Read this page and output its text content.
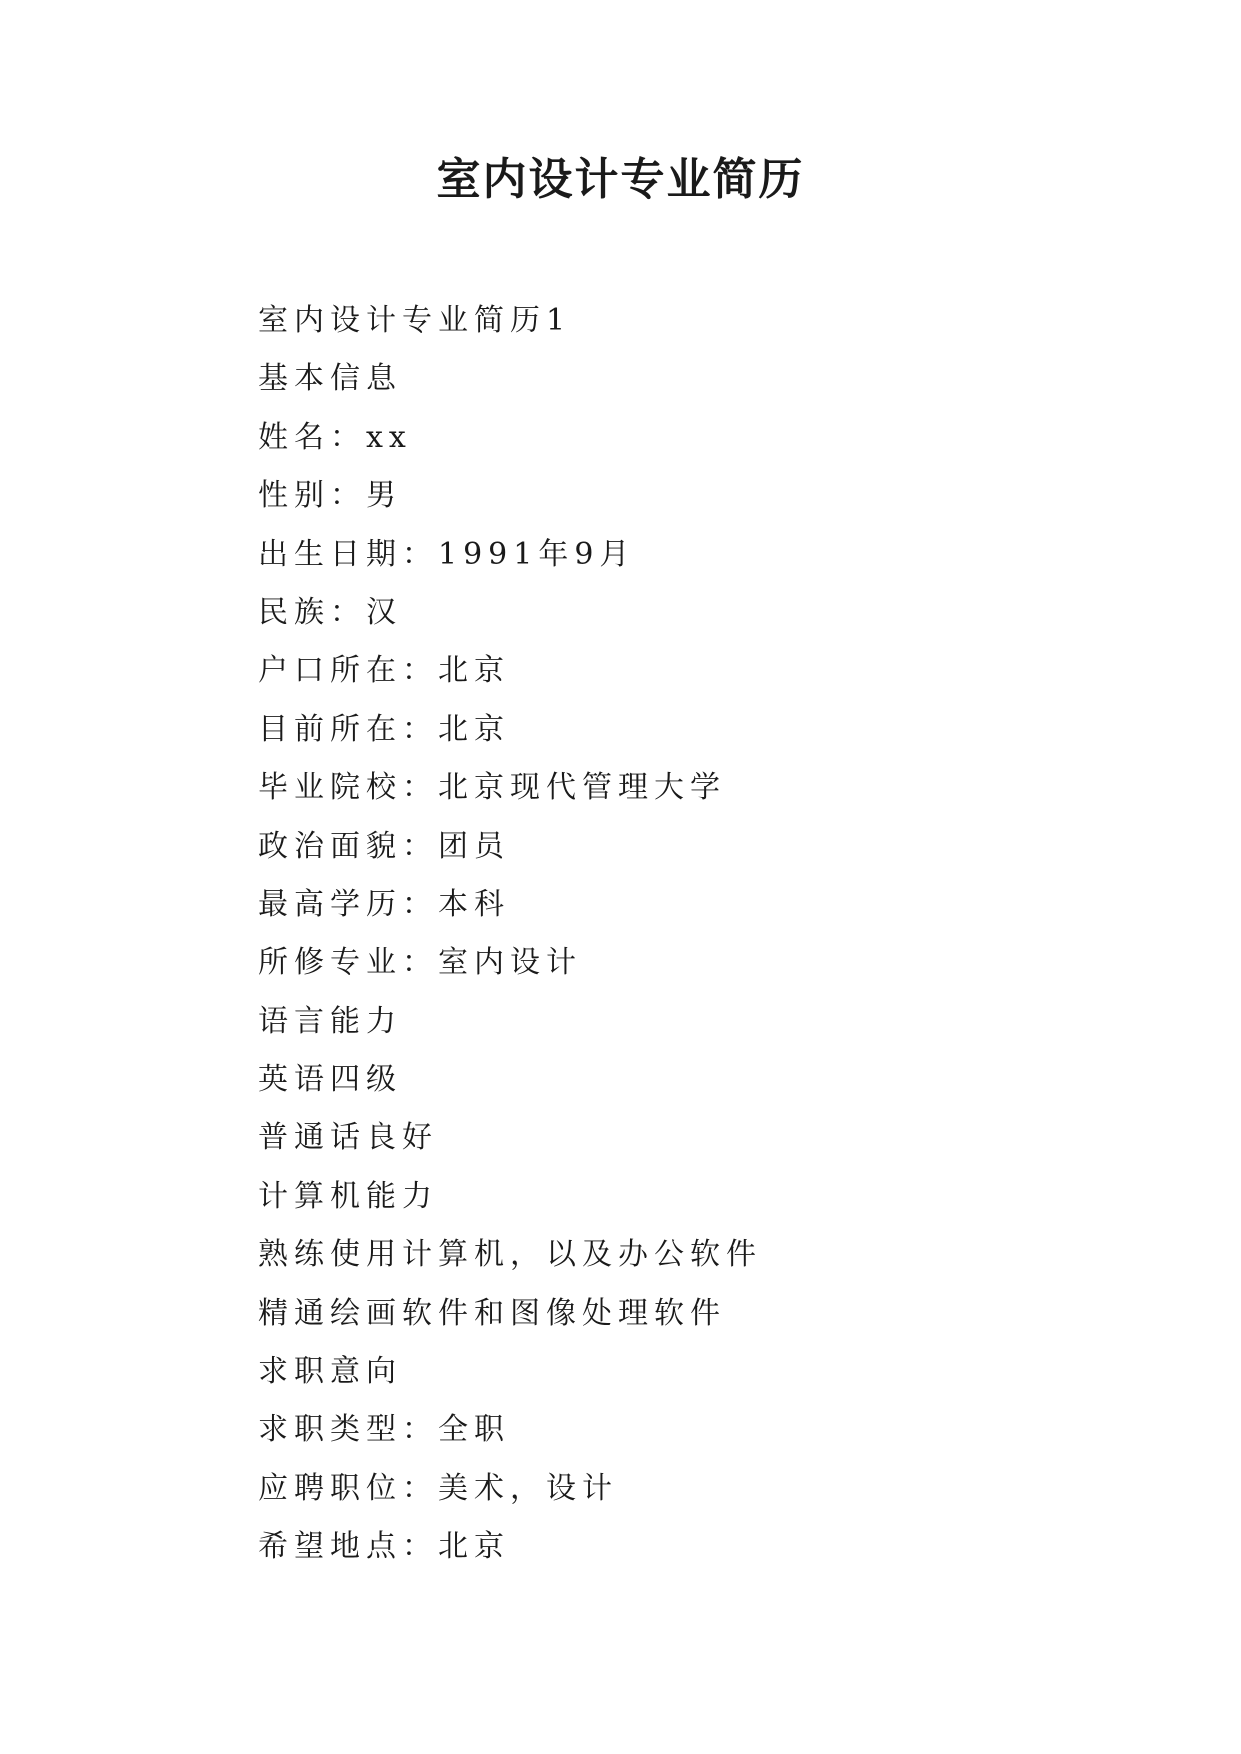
室内设计专业简历
室内设计专业简历1
基本信息
姓名：xx
性别：男
出生日期：1991年9月
民族：汉
户口所在：北京
目前所在：北京
毕业院校：北京现代管理大学
政治面貌：团员
最高学历：本科
所修专业：室内设计
语言能力
英语四级
普通话良好
计算机能力
熟练使用计算机，以及办公软件
精通绘画软件和图像处理软件
求职意向
求职类型：全职
应聘职位：美术，设计
希望地点：北京
